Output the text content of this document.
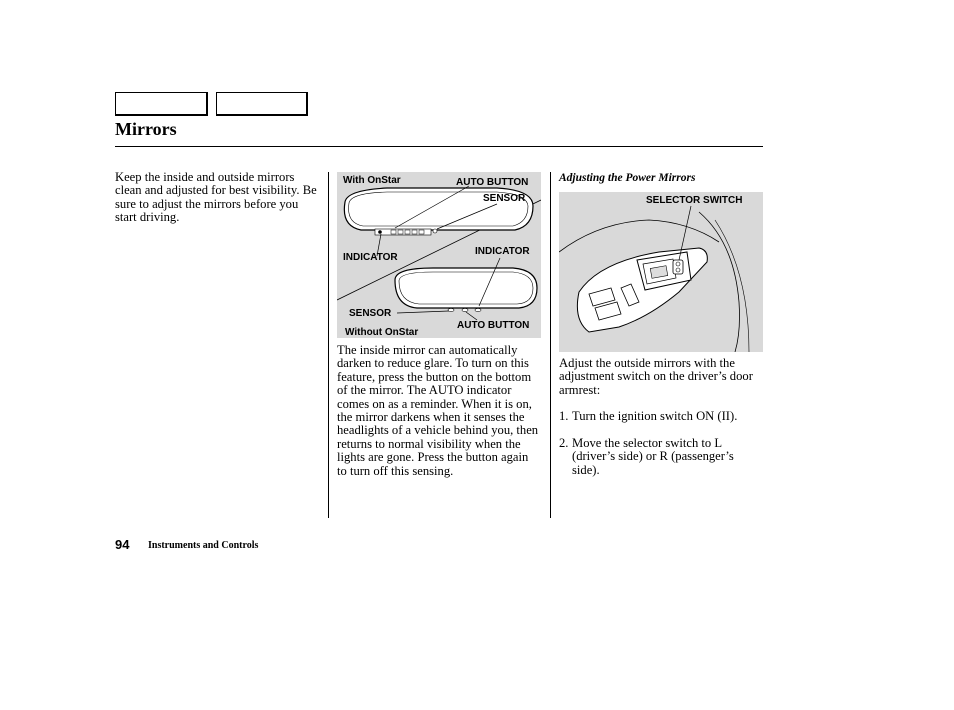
Mirrors

Keep the inside and outside mirrors clean and adjusted for best visibility. Be sure to adjust the mirrors before you start driving.

With OnStar	AUTO BUTTON
SENSOR
INDICATOR
INDICATOR
SENSOR
Without OnStar
AUTO BUTTON

The inside mirror can automatically darken to reduce glare. To turn on this feature, press the button on the bottom of the mirror. The AUTO indicator comes on as a reminder. When it is on, the mirror darkens when it senses the headlights of a vehicle behind you, then returns to normal visibility when the lights are gone. Press the button again to turn off this sensing.

Adjusting the Power Mirrors
SELECTOR SWITCH

Adjust the outside mirrors with the adjustment switch on the driver’s door armrest:

1. Turn the ignition switch ON (II).
2. Move the selector switch to L (driver’s side) or R (passenger’s side).
94 Instruments and Controls
